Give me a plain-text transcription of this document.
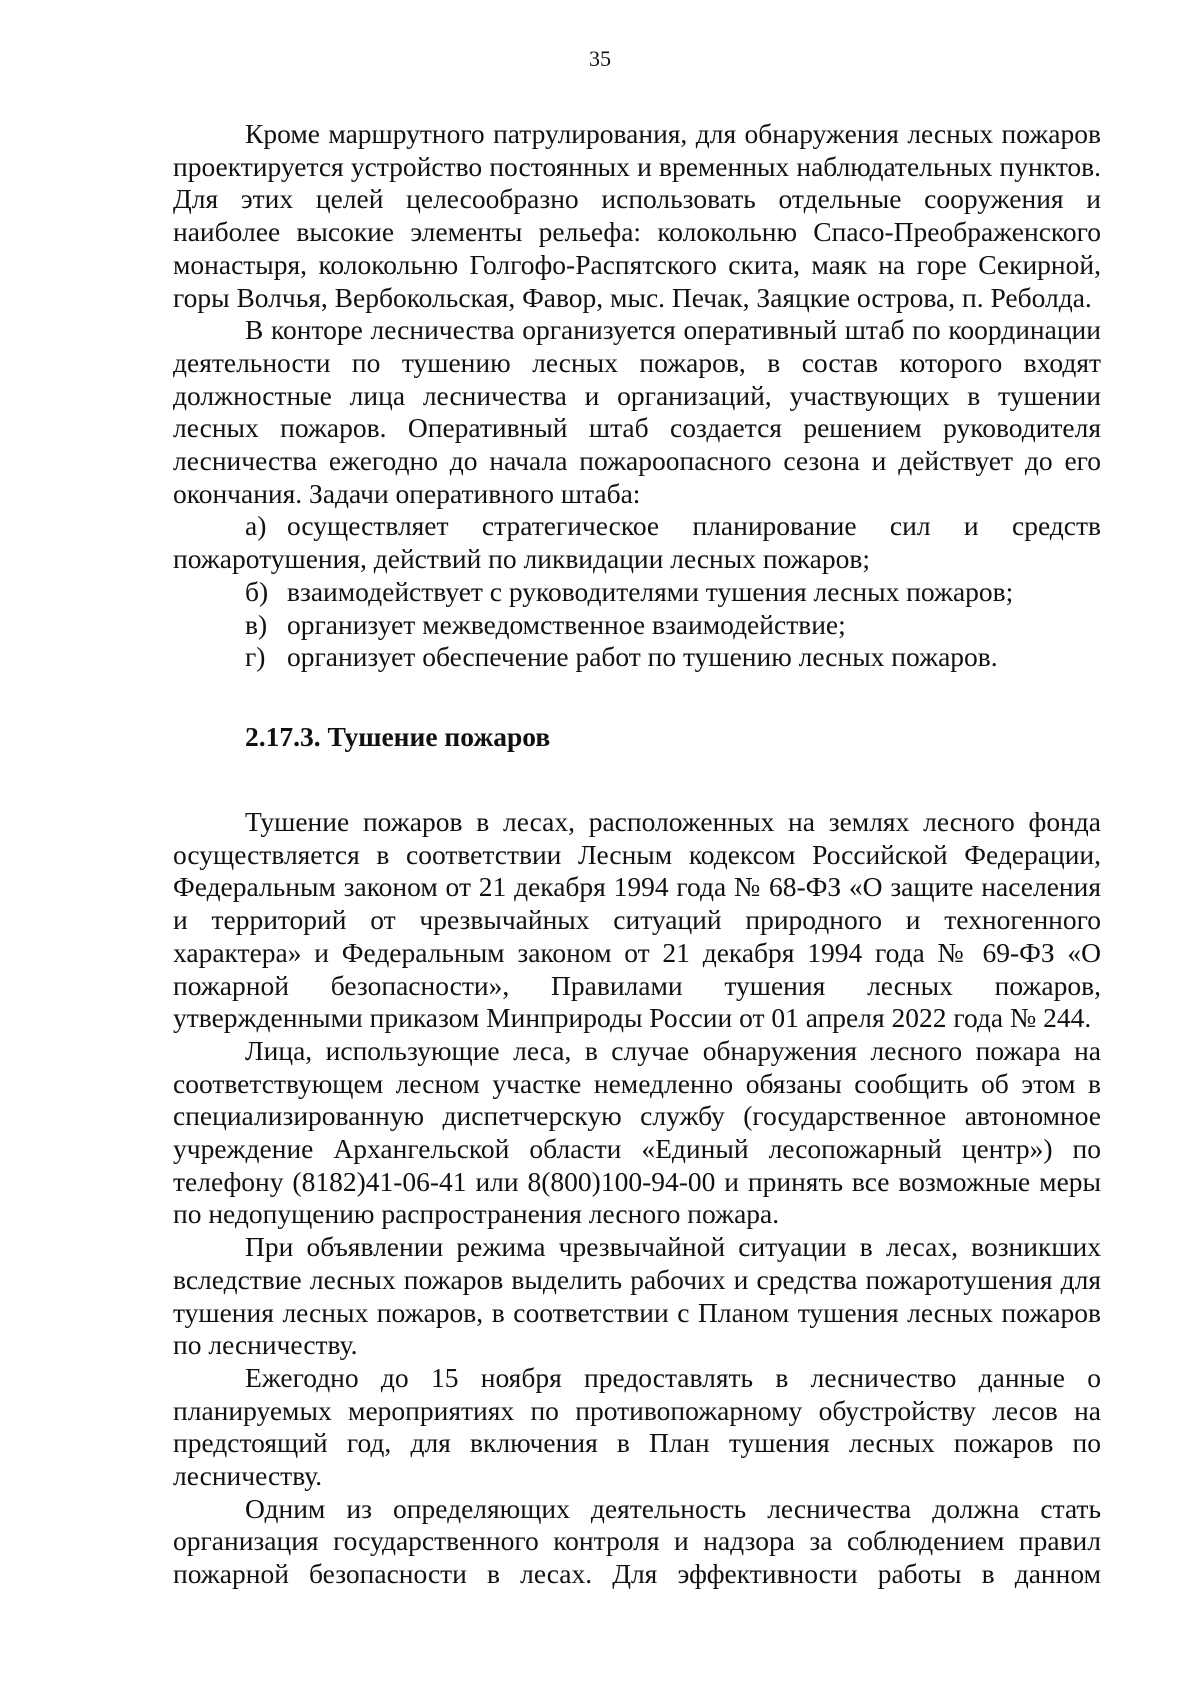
35

Кроме маршрутного патрулирования, для обнаружения лесных пожаров проектируется устройство постоянных и временных наблюдательных пунктов. Для этих целей целесообразно использовать отдельные сооружения и наиболее высокие элементы рельефа: колокольню Спасо-Преображенского монастыря, колокольню Голгофо-Распятского скита, маяк на горе Секирной, горы Волчья, Вербокольская, Фавор, мыс. Печак, Заяцкие острова, п. Реболда.

В конторе лесничества организуется оперативный штаб по координации деятельности по тушению лесных пожаров, в состав которого входят должностные лица лесничества и организаций, участвующих в тушении лесных пожаров. Оперативный штаб создается решением руководителя лесничества ежегодно до начала пожароопасного сезона и действует до его окончания. Задачи оперативного штаба:

а) осуществляет стратегическое планирование сил и средств пожаротушения, действий по ликвидации лесных пожаров;

б) взаимодействует с руководителями тушения лесных пожаров;

в) организует межведомственное взаимодействие;

г) организует обеспечение работ по тушению лесных пожаров.

2.17.3. Тушение пожаров

Тушение пожаров в лесах, расположенных на землях лесного фонда осуществляется в соответствии Лесным кодексом Российской Федерации, Федеральным законом от 21 декабря 1994 года № 68-ФЗ «О защите населения и территорий от чрезвычайных ситуаций природного и техногенного характера» и Федеральным законом от 21 декабря 1994 года № 69-ФЗ «О пожарной безопасности», Правилами тушения лесных пожаров, утвержденными приказом Минприроды России от 01 апреля 2022 года № 244.

Лица, использующие леса, в случае обнаружения лесного пожара на соответствующем лесном участке немедленно обязаны сообщить об этом в специализированную диспетчерскую службу (государственное автономное учреждение Архангельской области «Единый лесопожарный центр») по телефону (8182)41-06-41 или 8(800)100-94-00 и принять все возможные меры по недопущению распространения лесного пожара.

При объявлении режима чрезвычайной ситуации в лесах, возникших вследствие лесных пожаров выделить рабочих и средства пожаротушения для тушения лесных пожаров, в соответствии с Планом тушения лесных пожаров по лесничеству.

Ежегодно до 15 ноября предоставлять в лесничество данные о планируемых мероприятиях по противопожарному обустройству лесов на предстоящий год, для включения в План тушения лесных пожаров по лесничеству.

Одним из определяющих деятельность лесничества должна стать организация государственного контроля и надзора за соблюдением правил пожарной безопасности в лесах. Для эффективности работы в данном
